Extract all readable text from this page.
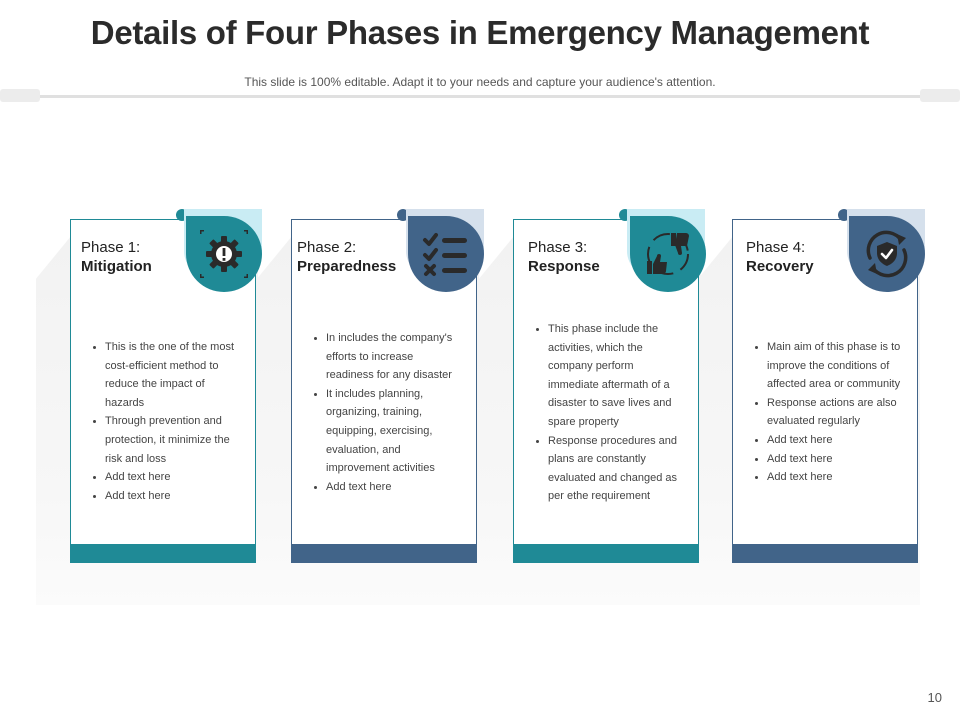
Details of Four Phases in Emergency Management
This slide is 100% editable. Adapt it to your needs and capture your audience's attention.
Phase 1:
Mitigation
• This is the one of the most cost-efficient method to reduce the impact of hazards
• Through prevention and protection, it minimize the risk and loss
• Add text here
• Add text here
Phase 2:
Preparedness
• In includes the company's efforts to increase readiness for any disaster
• It includes planning, organizing, training, equipping, exercising, evaluation, and improvement activities
• Add text here
Phase 3:
Response
• This phase include the activities, which the company perform immediate aftermath of a disaster to save lives and spare property
• Response procedures and plans are constantly evaluated and changed as per ethe requirement
Phase 4:
Recovery
• Main aim of this phase is to improve the conditions of affected area or community
• Response actions are also evaluated regularly
• Add text here
• Add text here
• Add text here
10
